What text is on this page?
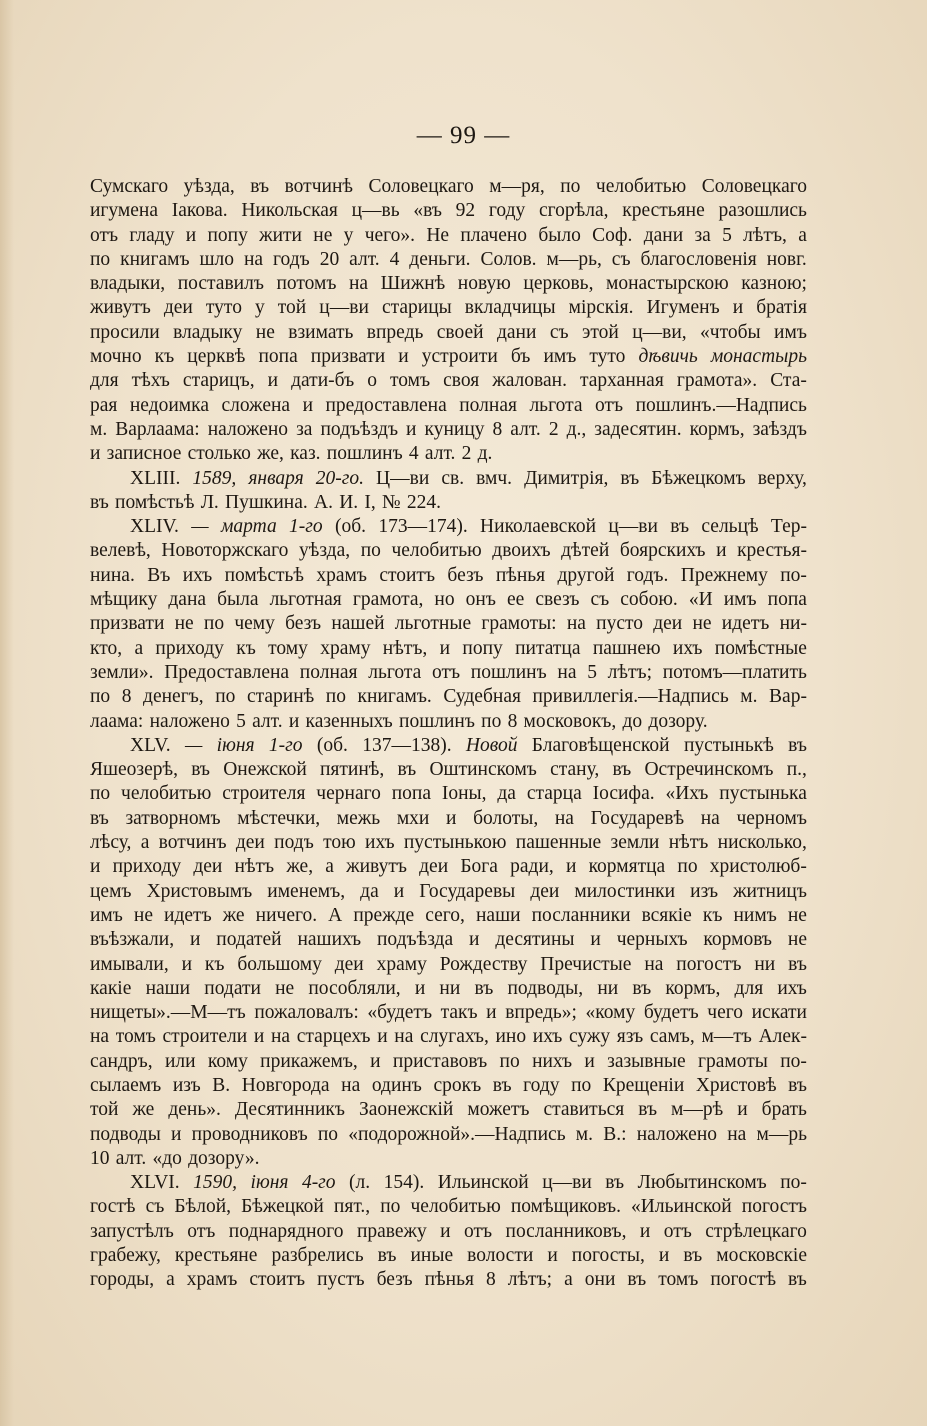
— 99 —
Сумскаго уѣзда, въ вотчинѣ Соловецкаго м—ря, по челобитью Соловецкаго
игумена Іакова. Никольская ц—вь «въ 92 году сгорѣла, крестьяне разошлись
отъ гладу и попу жити не у чего». Не плачено было Соф. дани за 5 лѣтъ, а
по книгамъ шло на годъ 20 алт. 4 деньги. Солов. м—рь, съ благословенія новг.
владыки, поставилъ потомъ на Шижнѣ новую церковь, монастырскою казною;
живутъ деи туто у той ц—ви старицы вкладчицы мірскія. Игуменъ и братія
просили владыку не взимать впредь своей дани съ этой ц—ви, «чтобы имъ
мочно къ церквѣ попа призвати и устроити бъ имъ туто дѣвичь монастырь
для тѣхъ старицъ, и дати-бъ о томъ своя жалован. тарханная грамота». Ста-
рая недоимка сложена и предоставлена полная льгота отъ пошлинъ.—Надпись
м. Варлаама: наложено за подъѣздъ и куницу 8 алт. 2 д., задесятин. кормъ, заѣздъ
и записное столько же, каз. пошлинъ 4 алт. 2 д.
XLIII. 1589, января 20-го. Ц—ви св. вмч. Димитрія, въ Бѣжецкомъ верху,
въ помѣстьѣ Л. Пушкина. А. И. I, № 224.
XLIV. — марта 1-го (об. 173—174). Николаевской ц—ви въ сельцѣ Тер-
велевѣ, Новоторжскаго уѣзда, по челобитью двоихъ дѣтей боярскихъ и крестья-
нина. Въ ихъ помѣстьѣ храмъ стоитъ безъ пѣнья другой годъ. Прежнему по-
мѣщику дана была льготная грамота, но онъ ее свезъ съ собою. «И имъ попа
призвати не по чему безъ нашей льготные грамоты: на пусто деи не идетъ ни-
кто, а приходу къ тому храму нѣтъ, и попу питатца пашнею ихъ помѣстные
земли». Предоставлена полная льгота отъ пошлинъ на 5 лѣтъ; потомъ—платить
по 8 денегъ, по старинѣ по книгамъ. Судебная привиллегія.—Надпись м. Вар-
лаама: наложено 5 алт. и казенныхъ пошлинъ по 8 московокъ, до дозору.
XLV. — іюня 1-го (об. 137—138). Новой Благовѣщенской пустынькѣ въ
Яшеозерѣ, въ Онежской пятинѣ, въ Оштинскомъ стану, въ Остречинскомъ п.,
по челобитью строителя чернаго попа Іоны, да старца Іосифа. «Ихъ пустынька
въ затворномъ мѣстечки, межь мхи и болоты, на Государевѣ на черномъ
лѣсу, а вотчинъ деи подъ тою ихъ пустынькою пашенные земли нѣтъ нисколько,
и приходу деи нѣтъ же, а живутъ деи Бога ради, и кормятца по христолюб-
цемъ Христовымъ именемъ, да и Государевы деи милостинки изъ житницъ
имъ не идетъ же ничего. А прежде сего, наши посланники всякіе къ нимъ не
въѣзжали, и податей нашихъ подъѣзда и десятины и черныхъ кормовъ не
имывали, и къ большому деи храму Рождеству Пречистые на погостъ ни въ
какіе наши подати не пособляли, и ни въ подводы, ни въ кормъ, для ихъ
нищеты».—М—тъ пожаловалъ: «будетъ такъ и впредь»; «кому будетъ чего искати
на томъ строители и на старцехъ и на слугахъ, ино ихъ сужу язъ самъ, м—тъ Алек-
сандръ, или кому прикажемъ, и приставовъ по нихъ и зазывные грамоты по-
сылаемъ изъ В. Новгорода на одинъ срокъ въ году по Крещеніи Христовѣ въ
той же день». Десятинникъ Заонежскій можетъ ставиться въ м—рѣ и брать
подводы и проводниковъ по «подорожной».—Надпись м. В.: наложено на м—рь
10 алт. «до дозору».
XLVI. 1590, іюня 4-го (л. 154). Ильинской ц—ви въ Любытинскомъ по-
гостѣ съ Бѣлой, Бѣжецкой пят., по челобитью помѣщиковъ. «Ильинской погостъ
запустѣлъ отъ поднарядного правежу и отъ посланниковъ, и отъ стрѣлецкаго
грабежу, крестьяне разбрелись въ иные волости и погосты, и въ московскіе
городы, а храмъ стоитъ пустъ безъ пѣнья 8 лѣтъ; а они въ томъ погостѣ въ
